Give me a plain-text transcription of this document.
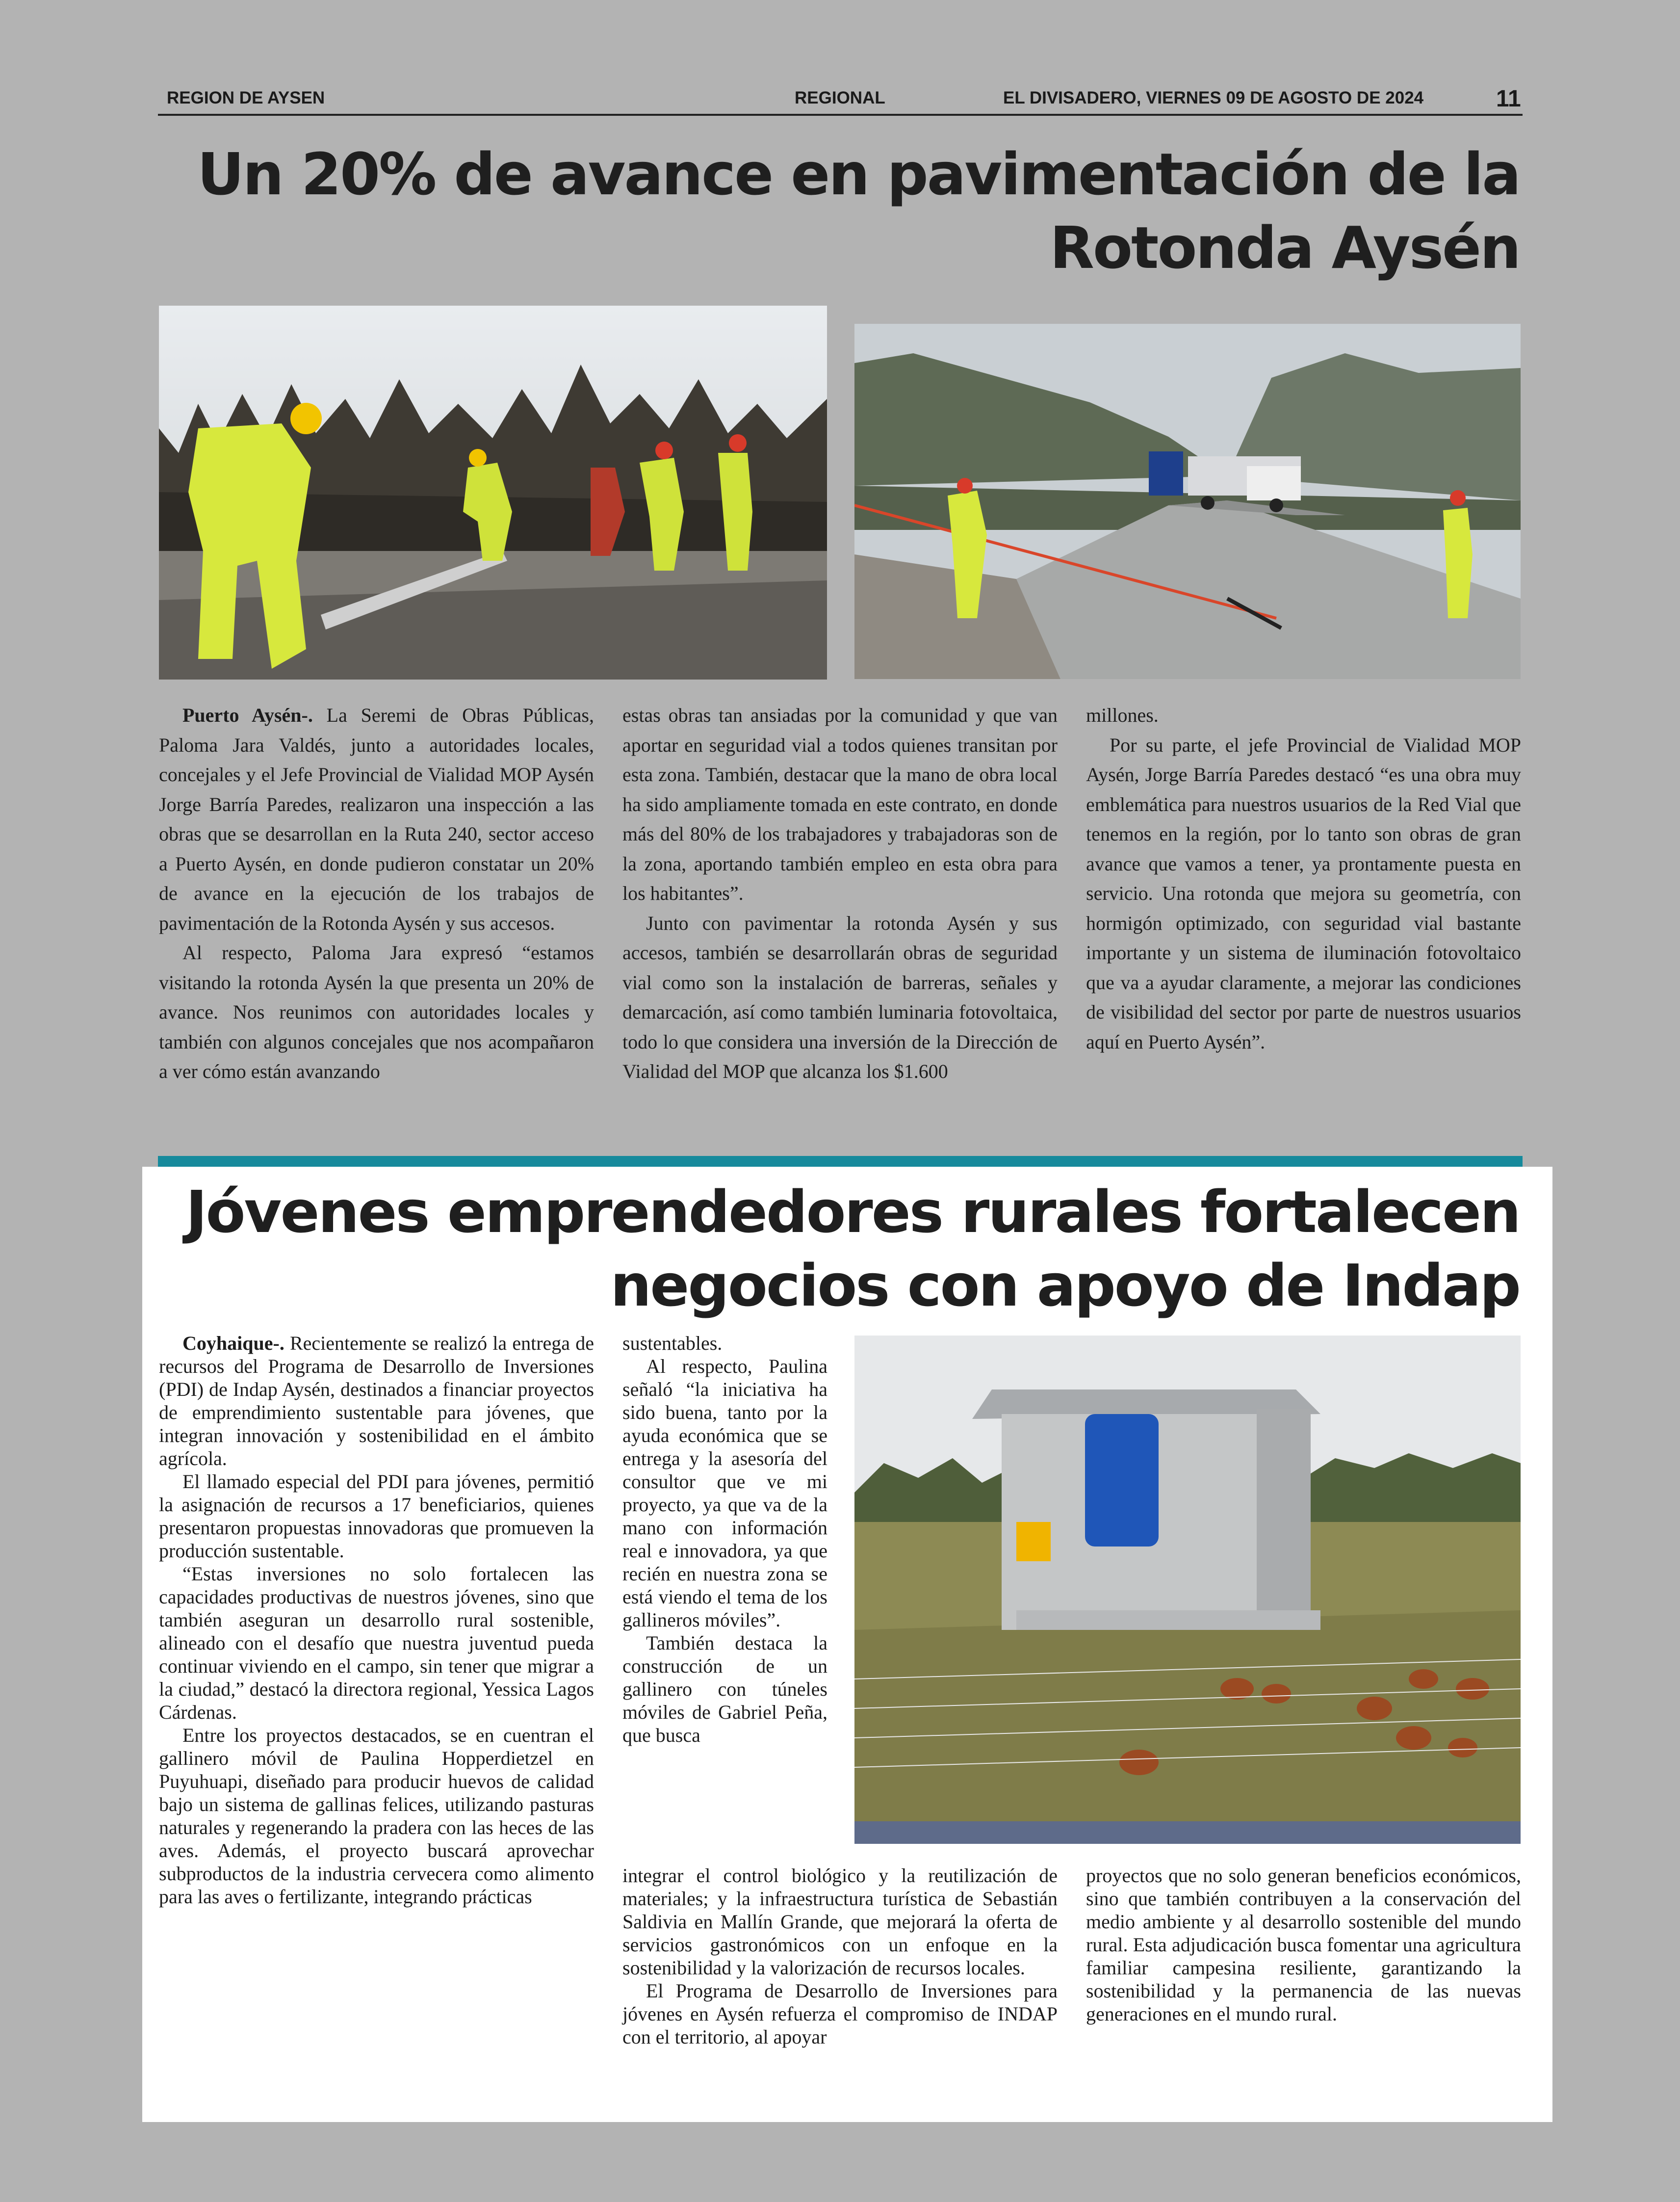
REGION DE AYSEN	REGIONAL	EL DIVISADERO, VIERNES 09 DE AGOSTO DE 2024	11
Un 20% de avance en pavimentación de la
Rotonda Aysén

Puerto Aysén-. La Seremi de Obras Públicas, Paloma Jara Valdés, junto a autoridades locales, concejales y el Jefe Provincial de Vialidad MOP Aysén Jorge Barría Paredes, realizaron una inspección a las obras que se desarrollan en la Ruta 240, sector acceso a Puerto Aysén, en donde pudieron constatar un 20% de avance en la ejecución de los trabajos de pavimentación de la Rotonda Aysén y sus accesos.

Al respecto, Paloma Jara expresó “estamos visitando la rotonda Aysén la que presenta un 20% de avance. Nos reunimos con autoridades locales y también con algunos concejales que nos acompañaron a ver cómo están avanzando

estas obras tan ansiadas por la comunidad y que van aportar en seguridad vial a todos quienes transitan por esta zona. También, destacar que la mano de obra local ha sido ampliamente tomada en este contrato, en donde más del 80% de los trabajadores y trabajadoras son de la zona, aportando también empleo en esta obra para los habitantes”.

Junto con pavimentar la rotonda Aysén y sus accesos, también se desarrollarán obras de seguridad vial como son la instalación de barreras, señales y demarcación, así como también luminaria fotovoltaica, todo lo que considera una inversión de la Dirección de Vialidad del MOP que alcanza los $1.600

millones.

Por su parte, el jefe Provincial de Vialidad MOP Aysén, Jorge Barría Paredes destacó “es una obra muy emblemática para nuestros usuarios de la Red Vial que tenemos en la región, por lo tanto son obras de gran avance que vamos a tener, ya prontamente puesta en servicio. Una rotonda que mejora su geometría, con hormigón optimizado, con seguridad vial bastante importante y un sistema de iluminación fotovoltaico que va a ayudar claramente, a mejorar las condiciones de visibilidad del sector por parte de nuestros usuarios aquí en Puerto Aysén”.

Jóvenes emprendedores rurales fortalecen
negocios con apoyo de Indap

Coyhaique-. Recientemente se realizó la entrega de recursos del Programa de Desarrollo de Inversiones (PDI) de Indap Aysén, destinados a financiar proyectos de emprendimiento sustentable para jóvenes, que integran innovación y sostenibilidad en el ámbito agrícola.

El llamado especial del PDI para jóvenes, permitió la asignación de recursos a 17 beneficiarios, quienes presentaron propuestas innovadoras que promueven la producción sustentable.

“Estas inversiones no solo fortalecen las capacidades productivas de nuestros jóvenes, sino que también aseguran un desarrollo rural sostenible, alineado con el desafío que nuestra juventud pueda continuar viviendo en el campo, sin tener que migrar a la ciudad,” destacó la directora regional, Yessica Lagos Cárdenas.

Entre los proyectos destacados, se en cuentran el gallinero móvil de Paulina Hopperdietzel en Puyuhuapi, diseñado para producir huevos de calidad bajo un sistema de gallinas felices, utilizando pasturas naturales y regenerando la pradera con las heces de las aves. Además, el proyecto buscará aprovechar subproductos de la industria cervecera como alimento para las aves o fertilizante, integrando prácticas

sustentables.

Al respecto, Paulina señaló “la iniciativa ha sido buena, tanto por la ayuda económica que se entrega y la asesoría del consultor que ve mi proyecto, ya que va de la mano con información real e innovadora, ya que recién en nuestra zona se está viendo el tema de los gallineros móviles”.

También destaca la construcción de un gallinero con túneles móviles de Gabriel Peña, que busca

integrar el control biológico y la reutilización de materiales; y la infraestructura turística de Sebastián Saldivia en Mallín Grande, que mejorará la oferta de servicios gastronómicos con un enfoque en la sostenibilidad y la valorización de recursos locales.

El Programa de Desarrollo de Inversiones para jóvenes en Aysén refuerza el compromiso de INDAP con el territorio, al apoyar

proyectos que no solo generan beneficios económicos, sino que también contribuyen a la conservación del medio ambiente y al desarrollo sostenible del mundo rural. Esta adjudicación busca fomentar una agricultura familiar campesina resiliente, garantizando la sostenibilidad y la permanencia de las nuevas generaciones en el mundo rural.
